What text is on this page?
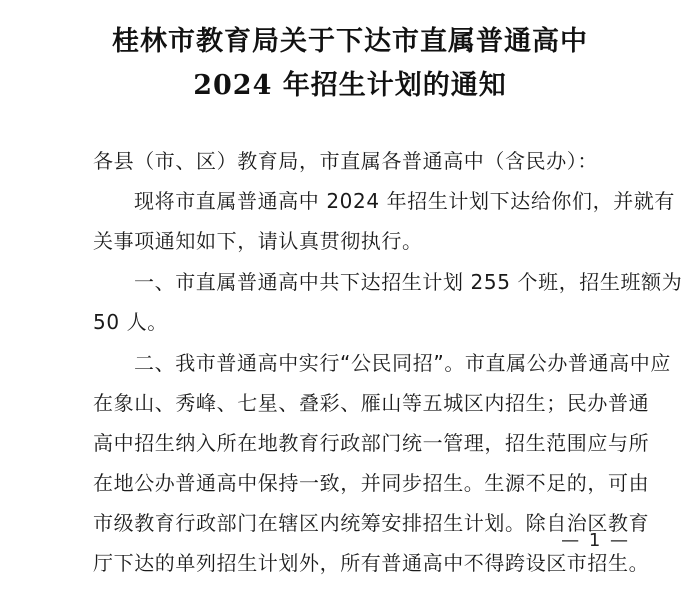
桂林市教育局关于下达市直属普通高中
2024 年招生计划的通知
各县（市、区）教育局，市直属各普通高中（含民办）：
现将市直属普通高中 2024 年招生计划下达给你们，并就有
关事项通知如下，请认真贯彻执行。
一、市直属普通高中共下达招生计划 255 个班，招生班额为
50 人。
二、我市普通高中实行“公民同招”。市直属公办普通高中应
在象山、秀峰、七星、叠彩、雁山等五城区内招生；民办普通
高中招生纳入所在地教育行政部门统一管理，招生范围应与所
在地公办普通高中保持一致，并同步招生。生源不足的，可由
市级教育行政部门在辖区内统筹安排招生计划。除自治区教育
厅下达的单列招生计划外，所有普通高中不得跨设区市招生。
— 1 —
